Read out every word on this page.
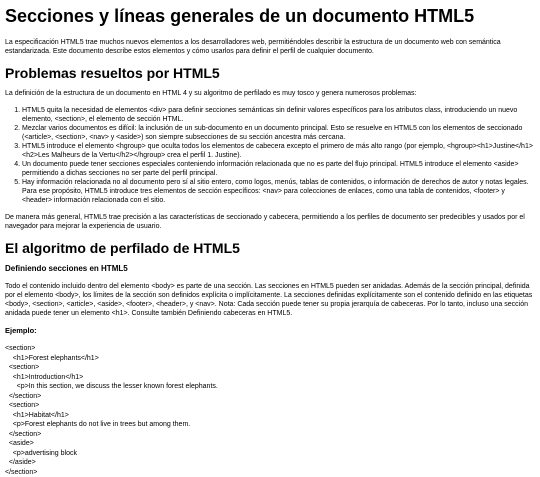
Secciones y líneas generales de un documento HTML5

La especificación HTML5 trae muchos nuevos elementos a los desarrolladores web, permitiéndoles describir la estructura de un documento web con semántica estandarizada. Este documento describe estos elementos y cómo usarlos para definir el perfil de cualquier documento.

Problemas resueltos por HTML5

La definición de la estructura de un documento en HTML 4 y su algoritmo de perfilado es muy tosco y genera numerosos problemas:

1. HTML5 quita la necesidad de elementos <div> para definir secciones semánticas sin definir valores específicos para los atributos class, introduciendo un nuevo elemento, <section>, el elemento de sección HTML.
2. Mezclar varios documentos es difícil: la inclusión de un sub-documento en un documento principal. Esto se resuelve en HTML5 con los elementos de seccionado (<article>, <section>, <nav> y <aside>) son siempre subsecciones de su sección ancestra más cercana.
3. HTML5 introduce el elemento <hgroup> que oculta todos los elementos de cabecera excepto el primero de más alto rango (por ejemplo, <hgroup><h1>Justine</h1><h2>Les Malheurs de la Vertu</h2></hgroup> crea el perfil 1. Justine).
4. Un documento puede tener secciones especiales conteniendo información relacionada que no es parte del flujo principal. HTML5 introduce el elemento <aside> permitiendo a dichas secciones no ser parte del perfil principal.
5. Hay información relacionada no al documento pero sí al sitio entero, como logos, menús, tablas de contenidos, o información de derechos de autor y notas legales. Para ese propósito, HTML5 introduce tres elementos de sección específicos: <nav> para colecciones de enlaces, como una tabla de contenidos, <footer> y <header> información relacionada con el sitio.

De manera más general, HTML5 trae precisión a las características de seccionado y cabecera, permitiendo a los perfiles de documento ser predecibles y usados por el navegador para mejorar la experiencia de usuario.

El algoritmo de perfilado de HTML5
Definiendo secciones en HTML5

Todo el contenido incluido dentro del elemento <body> es parte de una sección. Las secciones en HTML5 pueden ser anidadas. Además de la sección principal, definida por el elemento <body>, los límites de la sección son definidos explícita o implícitamente. La secciones definidas explícitamente son el contenido definido en las etiquetas <body>, <section>, <article>, <aside>, <footer>, <header>, y <nav>. Nota: Cada sección puede tener su propia jerarquía de cabeceras. Por lo tanto, incluso una sección anidada puede tener un elemento <h1>. Consulte también Definiendo cabeceras en HTML5.

Ejemplo:
<section>
<h1>Forest elephants</h1>
<section>
<h1>Introduction</h1>
<p>In this section, we discuss the lesser known forest elephants.
</section>
<section>
<h1>Habitat</h1>
<p>Forest elephants do not live in trees but among them.
</section>
<aside>
<p>advertising block
</aside>
</section>
